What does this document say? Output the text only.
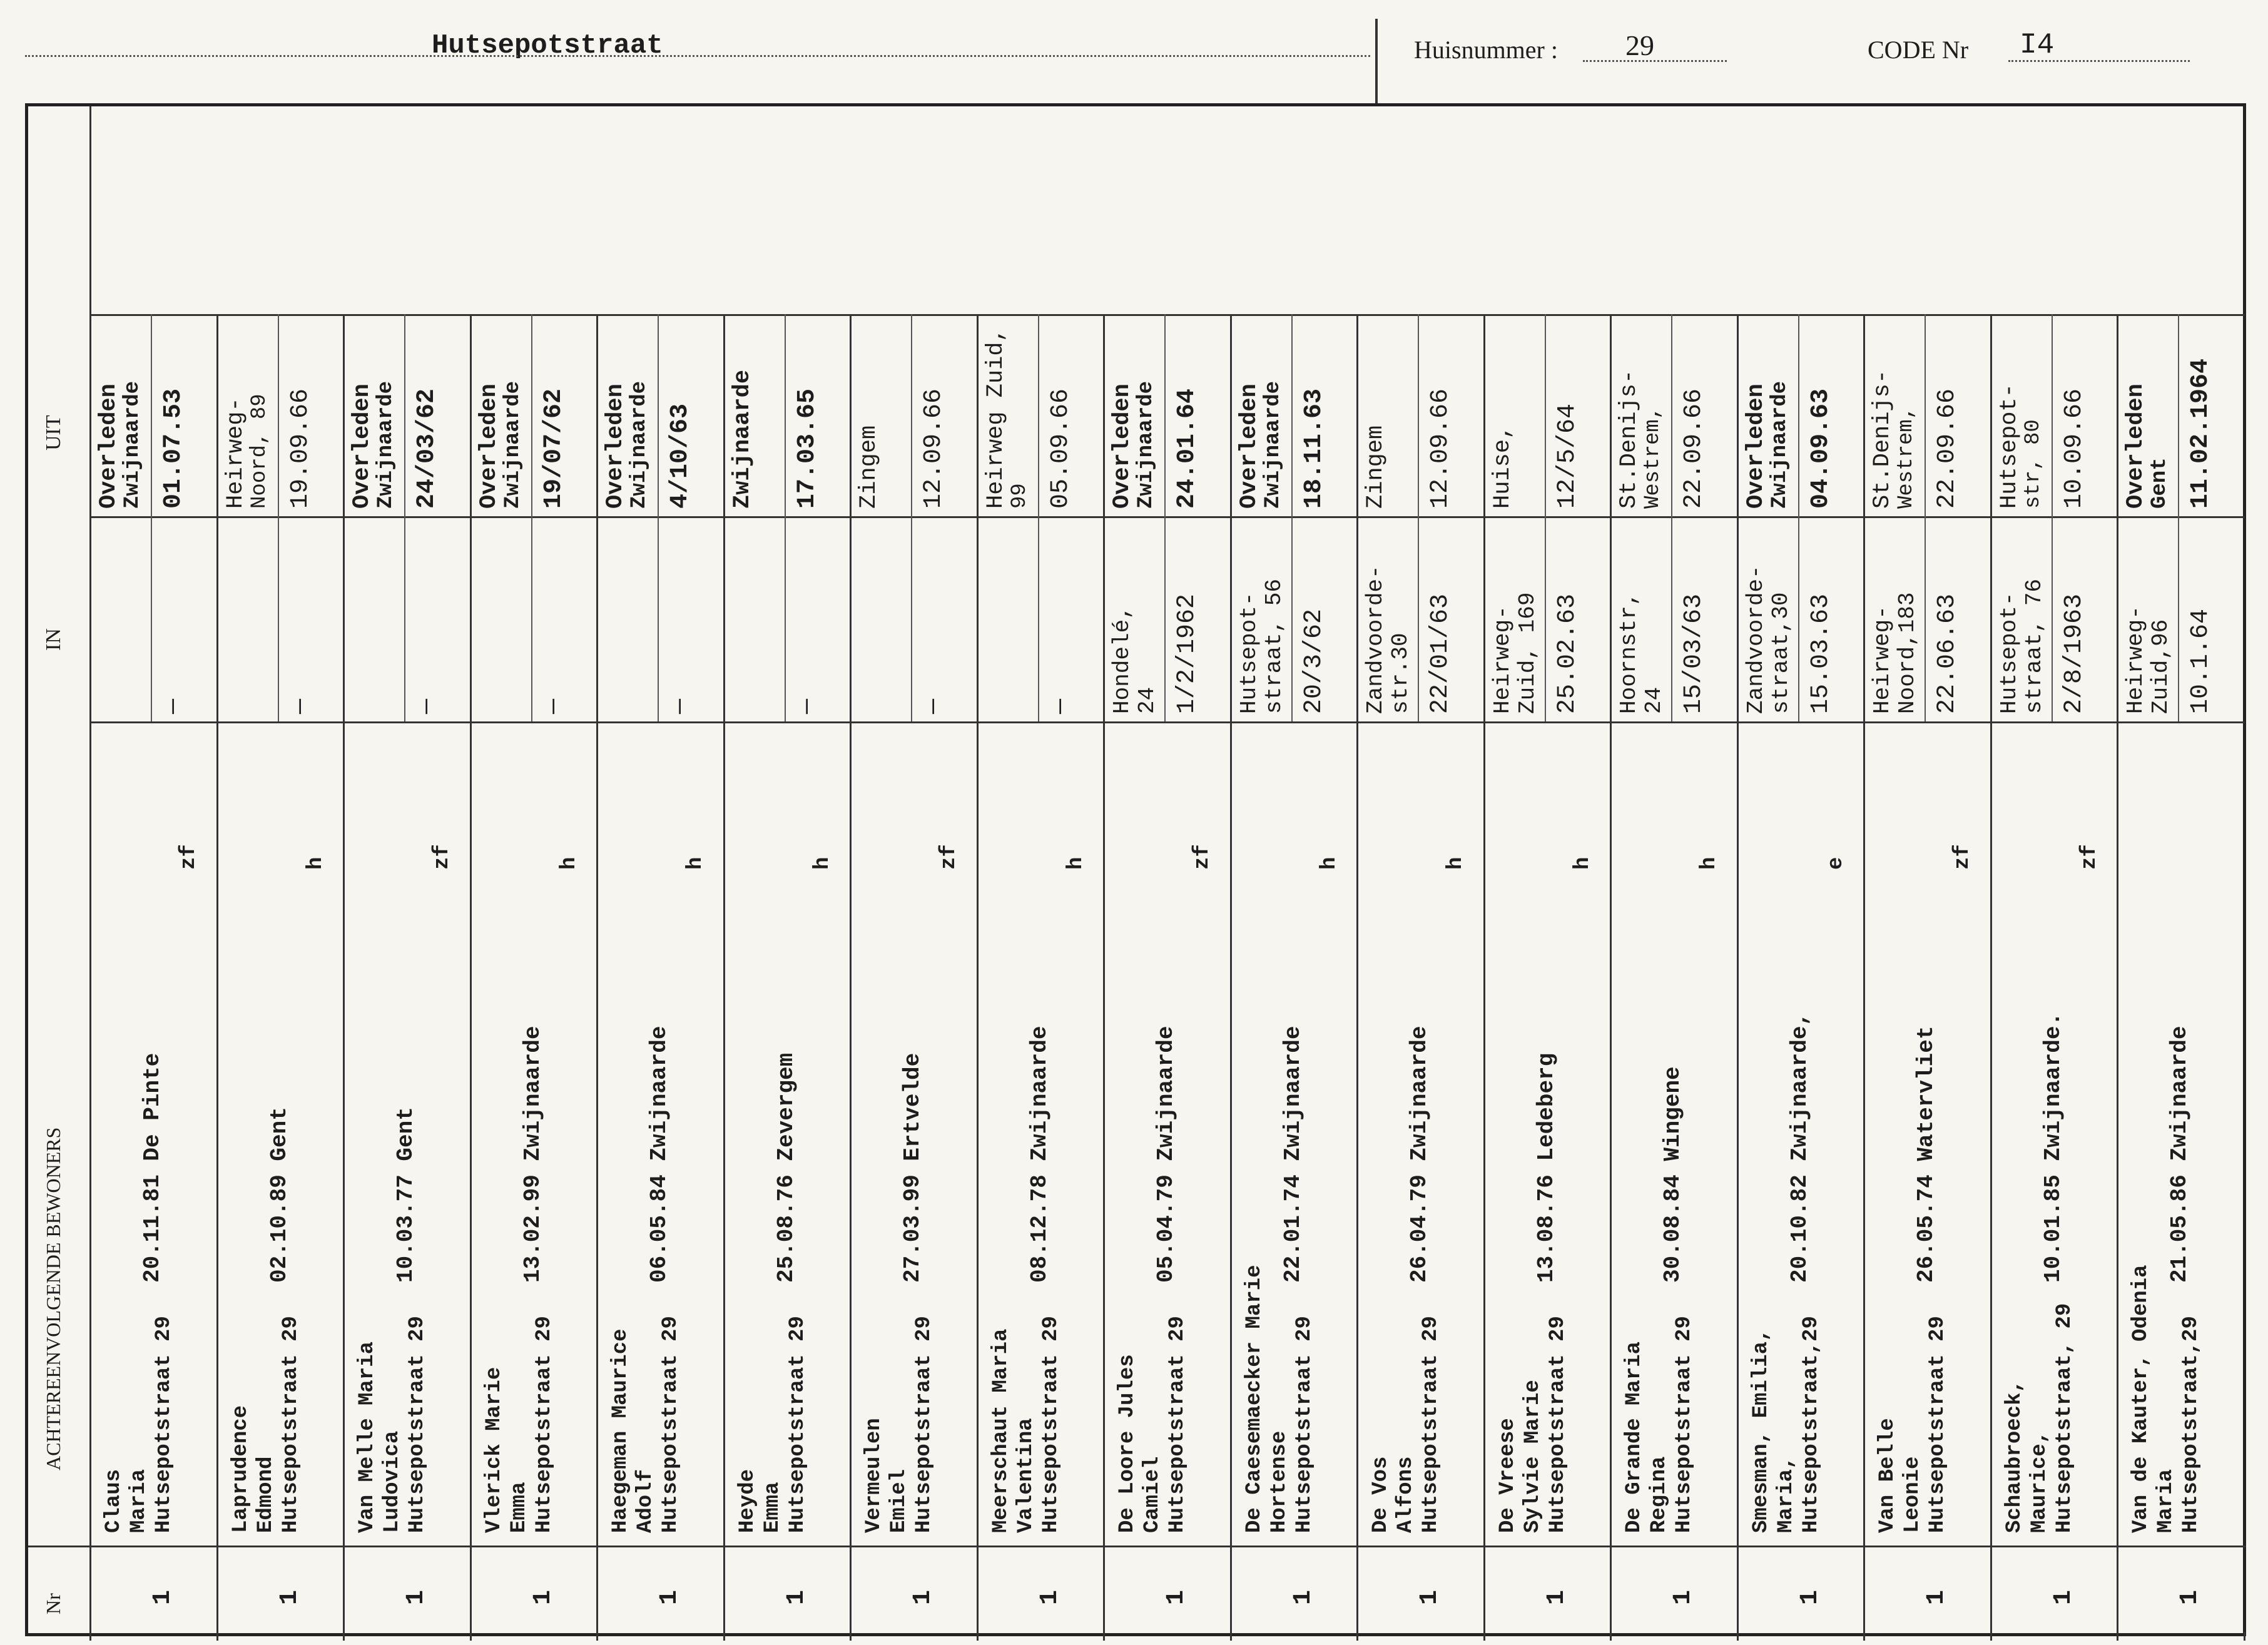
Hutsepotstraat	Huisnummer : 29	CODE Nr I4
UIT
IN
ACHTEREENVOLGENDE BEWONERS
Nr
Overleden
Zwijnaarde 01.07.53
—
Claus Maria Hutsepotstraat 29
20.11.81 De Pinte
zf
1
Heirweg-
Noord, 89 19.09.66
—
Laprudence Edmond Hutsepotstraat 29
02.10.89 Gent
h
1
Overleden
Zwijnaarde 24/03/62
—
Van Melle Maria Ludovica Hutsepotstraat 29
10.03.77 Gent
zf
1
Overleden
Zwijnaarde 19/07/62
—
Vlerick Marie Emma Hutsepotstraat 29
13.02.99 Zwijnaarde
h
1
Overleden
Zwijnaarde 4/10/63
—
Haegeman Maurice Adolf Hutsepotstraat 29
06.05.84 Zwijnaarde
h
1
Zwijnaarde 17.03.65
—
Heyde Emma Hutsepotstraat 29
25.08.76 Zevergem
h
1
Zingem 12.09.66
—
Vermeulen Emiel Hutsepotstraat 29
27.03.99 Ertvelde
zf
1
Heirweg Zuid,
99 05.09.66
—
Meerschaut Maria Valentina Hutsepotstraat 29
08.12.78 Zwijnaarde
h
1
Overleden
Zwijnaarde 24.01.64
Hondelé, 24 1/2/1962
De Loore Jules Camiel Hutsepotstraat 29
05.04.79 Zwijnaarde
zf
1
Overleden
Zwijnaarde 18.11.63
Hutsepot- straat, 56 20/3/62
De Caesemaecker Marie Hortense Hutsepotstraat 29
22.01.74 Zwijnaarde
h
1
Zingem 12.09.66
Zandvoorde- str.30 22/01/63
De Vos Alfons Hutsepotstraat 29
26.04.79 Zwijnaarde
h
1
Huise, 12/5/64
Heirweg- Zuid, 169 25.02.63
De Vreese Sylvie Marie Hutsepotstraat 29
13.08.76 Ledeberg
h
1
St.Denijs-
Westrem, 22.09.66
Hoornstr, 24 15/03/63
De Grande Maria Regina Hutsepotstraat 29
30.08.84 Wingene
h
1
Overleden
Zwijnaarde 04.09.63
Zandvoorde- straat,30 15.03.63
Smesman, Emilia, Maria, Hutsepotstraat,29
20.10.82 Zwijnaarde,
e
1
St.Denijs-
Westrem, 22.09.66
Heirweg- Noord,183 22.06.63
Van Belle Leonie Hutsepotstraat 29
26.05.74 Watervliet
zf
1
Hutsepot-
str, 80 10.09.66
Hutsepot- straat, 76 2/8/1963
Schaubroeck, Maurice, Hutsepotstraat, 29
10.01.85 Zwijnaarde.
zf
1
Overleden
Gent 11.02.1964
Heirweg- Zuid,96 10.1.64
Van de Kauter, Odenia Maria Hutsepotstraat,29
21.05.86 Zwijnaarde
1
